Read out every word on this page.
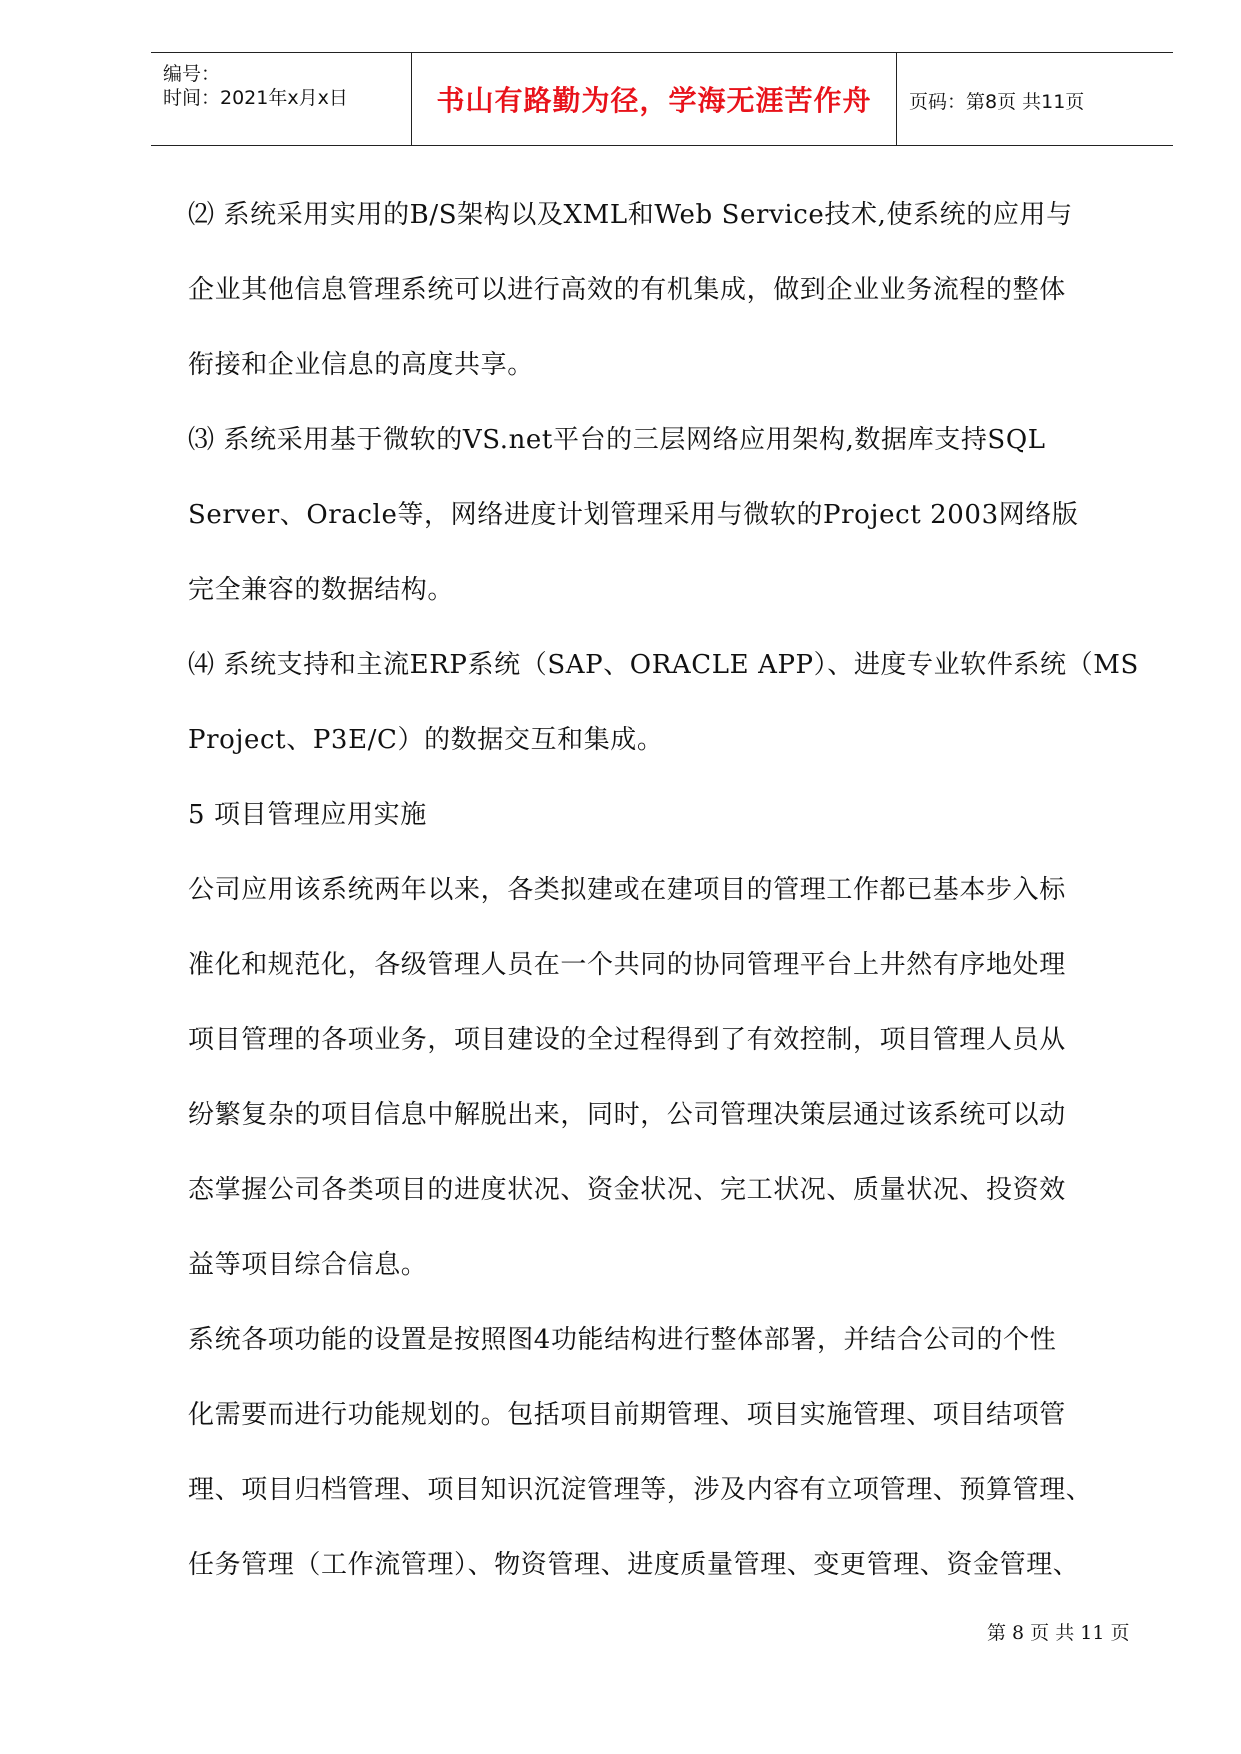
编号：
时间：2021年x月x日	书山有路勤为径，学海无涯苦作舟	页码：第8页 共11页
⑵ 系统采用实用的B/S架构以及XML和Web Service技术,使系统的应用与
企业其他信息管理系统可以进行高效的有机集成，做到企业业务流程的整体
衔接和企业信息的高度共享。
⑶ 系统采用基于微软的VS.net平台的三层网络应用架构,数据库支持SQL
Server、Oracle等，网络进度计划管理采用与微软的Project 2003网络版
完全兼容的数据结构。
⑷ 系统支持和主流ERP系统（SAP、ORACLE APP）、进度专业软件系统（MS
Project、P3E/C）的数据交互和集成。
5 项目管理应用实施
公司应用该系统两年以来，各类拟建或在建项目的管理工作都已基本步入标
准化和规范化，各级管理人员在一个共同的协同管理平台上井然有序地处理
项目管理的各项业务，项目建设的全过程得到了有效控制，项目管理人员从
纷繁复杂的项目信息中解脱出来，同时，公司管理决策层通过该系统可以动
态掌握公司各类项目的进度状况、资金状况、完工状况、质量状况、投资效
益等项目综合信息。
系统各项功能的设置是按照图4功能结构进行整体部署，并结合公司的个性
化需要而进行功能规划的。包括项目前期管理、项目实施管理、项目结项管
理、项目归档管理、项目知识沉淀管理等，涉及内容有立项管理、预算管理、
任务管理（工作流管理）、物资管理、进度质量管理、变更管理、资金管理、
第 8 页 共 11 页
